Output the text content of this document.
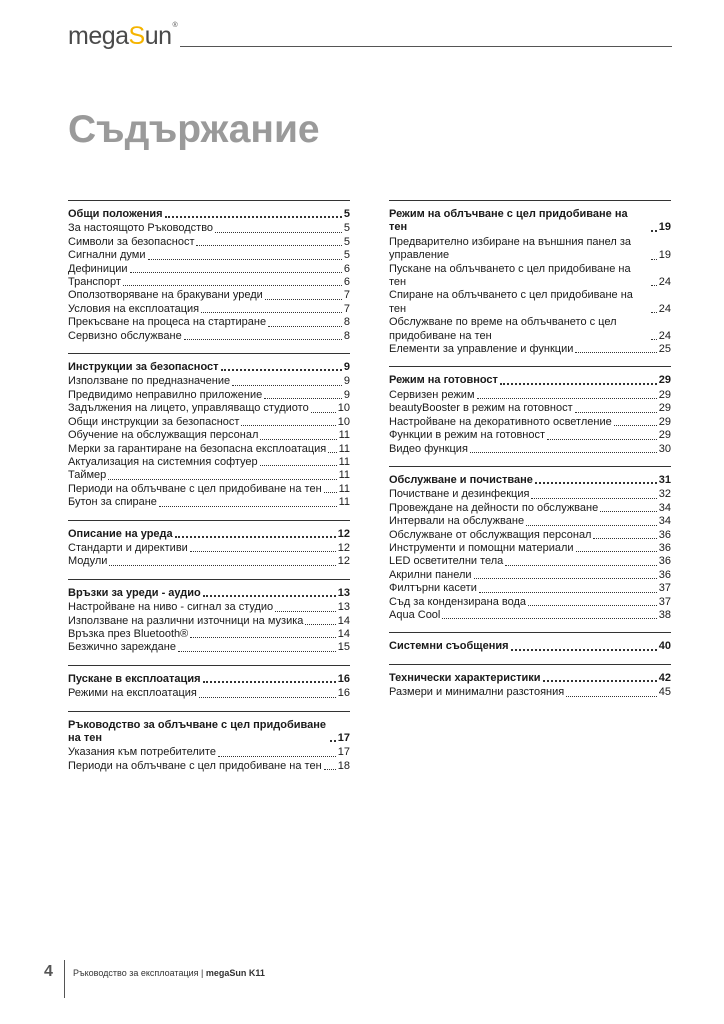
megaSun®
Съдържание
Общи положения	5
За настоящото Ръководство	5
Символи за безопасност	5
Сигнални думи	5
Дефиниции	6
Транспорт	6
Оползотворяване на бракувани уреди	7
Условия на експлоатация	7
Прекъсване на процеса на стартиране	8
Сервизно обслужване	8
Инструкции за безопасност	9
Използване по предназначение	9
Предвидимо неправилно приложение	9
Задължения на лицето, управляващо студиото	10
Общи инструкции за безопасност	10
Обучение на обслужващия персонал	11
Мерки за гарантиране на безопасна експлоатация 11
Актуализация на системния софтуер	11
Таймер	11
Периоди на облъчване с цел придобиване на тен 11
Бутон за спиране	11
Описание на уреда	12
Стандарти и директиви	12
Модули	12
Връзки за уреди - аудио	13
Настройване на ниво - сигнал за студио	13
Използване на различни източници на музика	14
Връзка през Bluetooth®	14
Безжично зареждане	15
Пускане в експлоатация	16
Режими на експлоатация	16
Ръководство за облъчване с цел придобиване на тен	17
Указания към потребителите	17
Периоди на облъчване с цел придобиване на тен 18
Режим на облъчване с цел придобиване на тен	19
Предварително избиране на външния панел за управление	19
Пускане на облъчването с цел придобиване на тен	24
Спиране на облъчването с цел придобиване на тен	24
Обслужване по време на облъчването с цел придобиване на тен	24
Елементи за управление и функции	25
Режим на готовност	29
Сервизен режим	29
beautyBooster в режим на готовност	29
Настройване на декоративното осветление	29
Функции в режим на готовност	29
Видео функция	30
Обслужване и почистване	31
Почистване и дезинфекция	32
Провеждане на дейности по обслужване	34
Интервали на обслужване	34
Обслужване от обслужващия персонал	36
Инструменти и помощни материали	36
LED осветителни тела	36
Акрилни панели	36
Филтърни касети	37
Съд за кондензирана вода	37
Aqua Cool	38
Системни съобщения	40
Технически характеристики	42
Размери и минимални разстояния	45
4 Ръководство за експлоатация | megaSun K11
